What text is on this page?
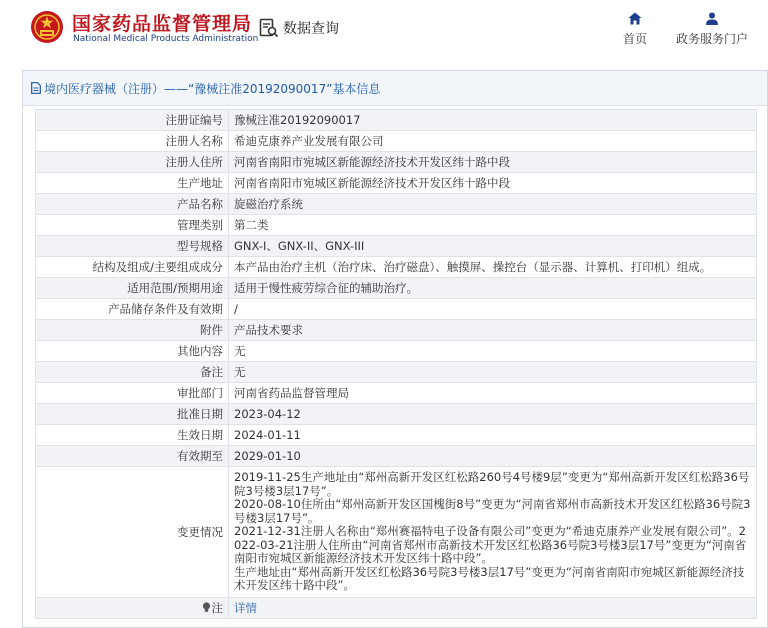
国家药品监督管理局
National Medical Products Administration
数据查询
首页	政务服务门户
境内医疗器械（注册）——“豫械注准20192090017”基本信息
注册证编号	豫械注准20192090017
注册人名称	希迪克康养产业发展有限公司
注册人住所	河南省南阳市宛城区新能源经济技术开发区纬十路中段
生产地址	河南省南阳市宛城区新能源经济技术开发区纬十路中段
产品名称	旋磁治疗系统
管理类别	第二类
型号规格	GNX-I、GNX-II、GNX-III
结构及组成/主要组成成分	本产品由治疗主机（治疗床、治疗磁盘）、触摸屏、操控台（显示器、计算机、打印机）组成。
适用范围/预期用途	适用于慢性疲劳综合征的辅助治疗。
产品储存条件及有效期	/
附件	产品技术要求
其他内容	无
备注	无
审批部门	河南省药品监督管理局
批准日期	2023-04-12
生效日期	2024-01-11
有效期至	2029-01-10
变更情况	2019-11-25生产地址由“郑州高新开发区红松路260号4号楼9层”变更为“郑州高新开发区红松路36号院3号楼3层17号”。
2020-08-10住所由“郑州高新开发区国槐街8号”变更为“河南省郑州市高新技术开发区红松路36号院3号楼3层17号”。
2021-12-31注册人名称由“郑州赛福特电子设备有限公司”变更为“希迪克康养产业发展有限公司”。2022-03-21注册人住所由“河南省郑州市高新技术开发区红松路36号院3号楼3层17号”变更为“河南省南阳市宛城区新能源经济技术开发区纬十路中段”。
生产地址由“郑州高新开发区红松路36号院3号楼3层17号”变更为“河南省南阳市宛城区新能源经济技术开发区纬十路中段”。

注	详情
